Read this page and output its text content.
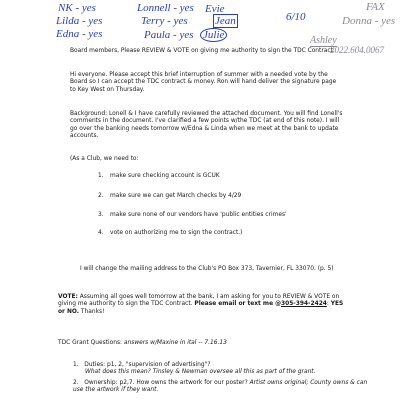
NK - yes
Lilda - yes
Edna - yes
Lonnell - yes
Terry - yes
Paula - yes
Evie
Jean
Julie
6/10
FAX
Donna - yes
Ashley
2022.604.0067
Board members, Please REVIEW & VOTE on giving me authority to sign the TDC Contract.
Hi everyone. Please accept this brief interruption of summer with a needed vote by the Board so I can accept the TDC contract & money. Ron will hand deliver the signature page to Key West on Thursday.
Background: Lonell & I have carefully reviewed the attached document. You will find Lonell's comments in the document. I've clarified a few points w/the TDC (at end of this note). I will go over the banking needs tomorrow w/Edna & Linda when we meet at the bank to update accounts.
(As a Club, we need to:
1. make sure checking account is GCUK
2. make sure we can get March checks by 4/29
3. make sure none of our vendors have 'public entities crimes'
4. vote on authorizing me to sign the contract.)
I will change the mailing address to the Club's PO Box 373, Tavernier, FL 33070. (p. 5)
VOTE: Assuming all goes well tomorrow at the bank, I am asking for you to REVIEW & VOTE on giving me authority to sign the TDC Contract. Please email or text me @305-394-2424: YES or NO. Thanks!
TDC Grant Questions: answers w/Maxine in ital -- 7.16.13
1. Duties: p1, 2, "supervision of advertising"?
What does this mean? Tinsley & Newman oversee all this as part of the grant.
2. Ownership: p2,7. How owns the artwork for our poster? Artist owns original; County owns & can use the artwork if they want.
